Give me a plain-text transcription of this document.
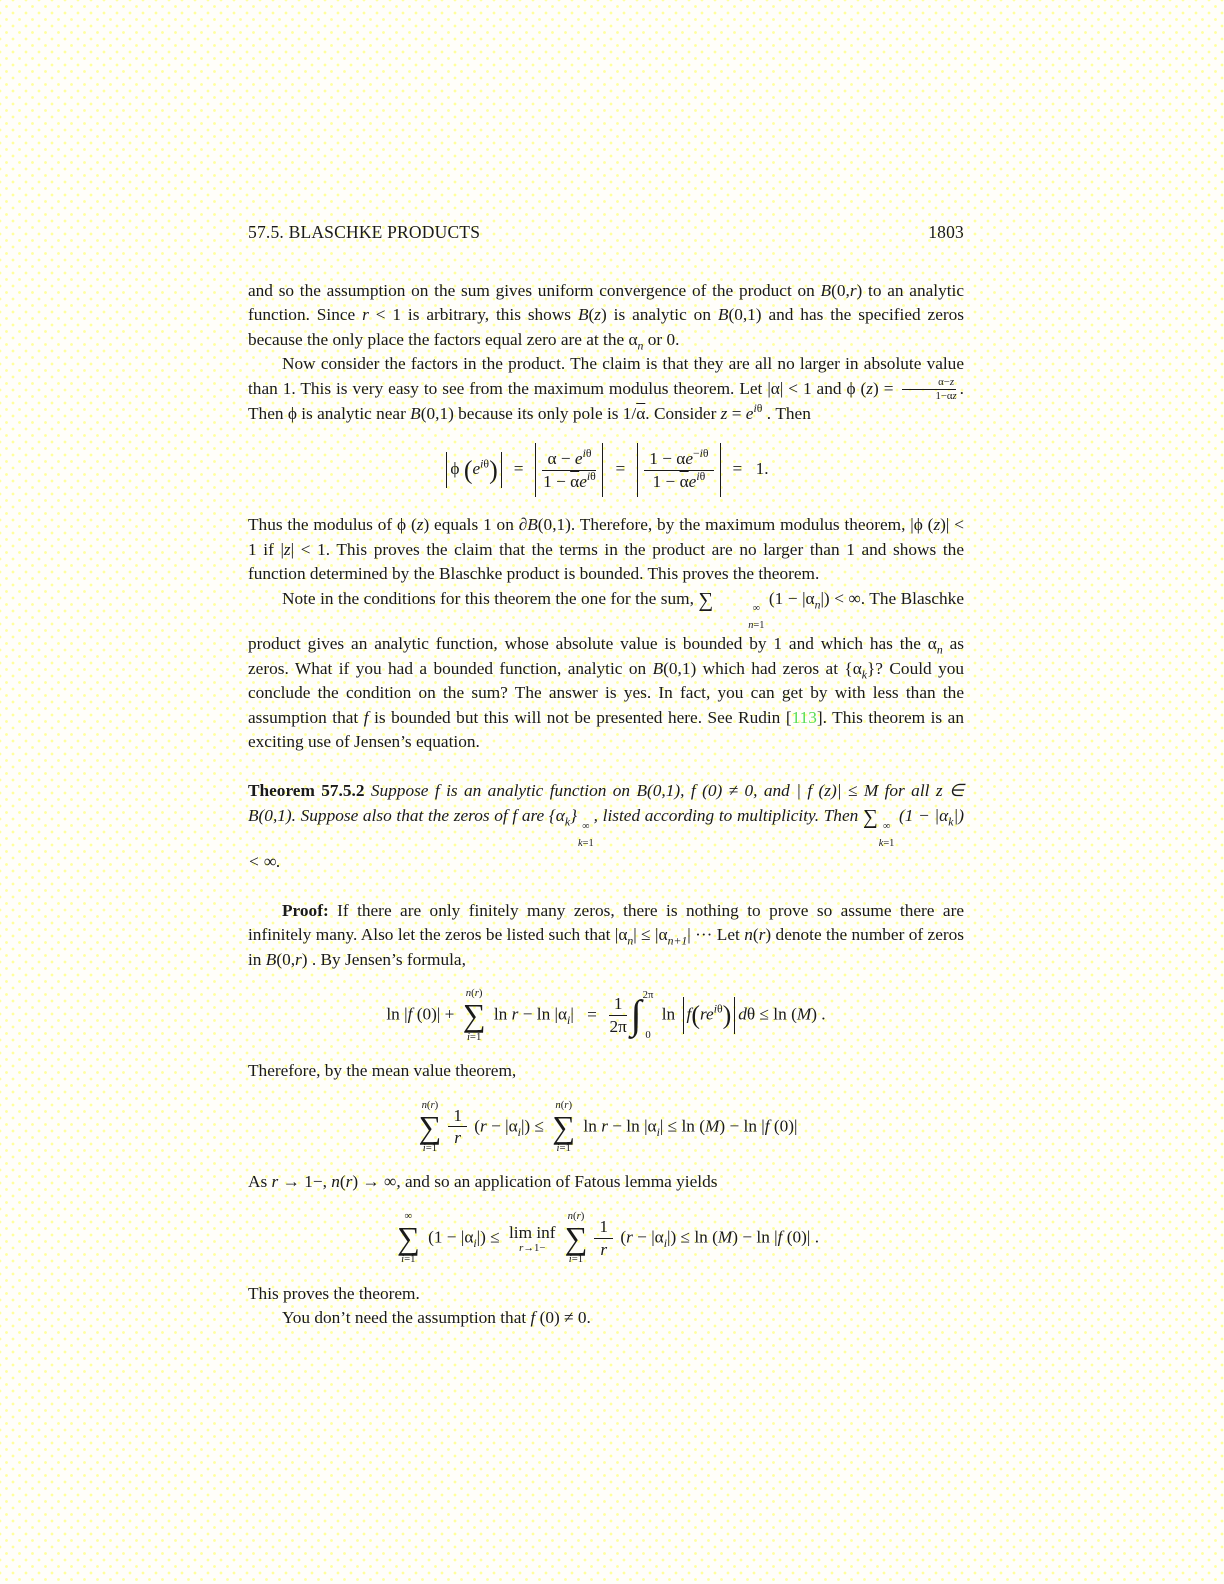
57.5. BLASCHKE PRODUCTS	1803

and so the assumption on the sum gives uniform convergence of the product on B(0,r) to an analytic function. Since r < 1 is arbitrary, this shows B(z) is analytic on B(0,1) and has the specified zeros because the only place the factors equal zero are at the $\alpha_n$ or 0.

Now consider the factors in the product. The claim is that they are all no larger in absolute value than 1. This is very easy to see from the maximum modulus theorem. Let |α| < 1 and ϕ $(z) = \frac{\alpha-z}{1-\overline{\alpha}z}$ . Then ϕ is analytic near B(0,1) because its only pole is $1/\overline{\alpha}$. Consider $z = e^{i\theta}$ . Then

ϕ $(e^{i\theta}) = \frac{\alpha - e^{i\theta}}{1 - \overline{\alpha}e^{i\theta}} = \frac{1 - \alpha e^{-i\theta}}{1 - \overline{\alpha}e^{i\theta}} = 1$.

Thus the modulus of ϕ (z) equals 1 on ∂B(0,1). Therefore, by the maximum modulus theorem, |ϕ (z)| < 1 if |z| < 1. This proves the claim that the terms in the product are no larger than 1 and shows the function determined by the Blaschke product is bounded. This proves the theorem.

Note in the conditions for this theorem the one for the sum, ∑	∞
n=1
$(1 - |\alpha_n|)$ < ∞. The Blaschke product gives an analytic function, whose absolute value is bounded by 1 and which has the $\alpha_n$ as zeros. What if you had a bounded function, analytic on B(0,1) which had zeros at $\{\alpha_k\}$? Could you conclude the condition on the sum? The answer is yes. In fact, you can get by with less than the assumption that f is bounded but this will not be presented here. See Rudin [113]. This theorem is an exciting use of Jensen’s equation.

Theorem 57.5.2 Suppose f is an analytic function on B(0,1), f (0) ≠ 0, and | f (z)| ≤ M for all z ∈ B(0,1). Suppose also that the zeros of f are $\{\alpha_k\}$
∞
k=1
, listed according to multiplicity. Then ∑ ∞
k=1
$(1 - |\alpha_k|)$ < ∞.

Proof: If there are only finitely many zeros, there is nothing to prove so assume there are infinitely many. Also let the zeros be listed such that $|\alpha_n| \le |\alpha_{n+1}|$ ··· Let n(r) denote the number of zeros in B(0,r) . By Jensen’s formula,

ln |f (0)| +
n(r)
∑
i=1
$\ln r - \ln |\alpha_i| = \frac{1}{2\pi}$ ∫ 2π
0
$\ln f(re^{i\theta}) d\theta \le \ln (M)$ .

Therefore, by the mean value theorem,

n(r)
∑
$i=1 \frac{1}{r} (r - |\alpha_i|)$ ≤
n(r)
∑
i=1
$\ln r - \ln |\alpha_i| \le \ln (M) - \ln |f$ (0)|

As r → 1−, n(r) → ∞, and so an application of Fatous lemma yields

∞
∑
i=1
$(1 - |\alpha_i|) \le \lim$ inf
r→1−
n(r)
∑
$i=1 \frac{1}{r} (r - |\alpha_i|) \le \ln (M) - \ln |f$ (0)| .

This proves the theorem.

You don’t need the assumption that f (0) ≠ 0.
